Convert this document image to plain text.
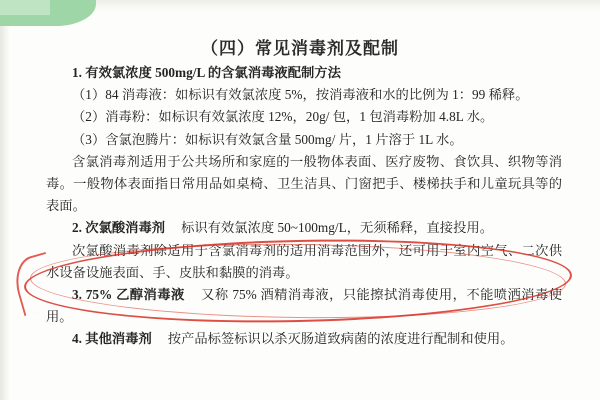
（四）常见消毒剂及配制

1. 有效氯浓度 500mg/L 的含氯消毒液配制方法

（1）84 消毒液：如标识有效氯浓度 5%，按消毒液和水的比例为 1：99 稀释。

（2）消毒粉：如标识有效氯浓度 12%，20g/ 包，1 包消毒粉加 4.8L 水。

（3）含氯泡腾片：如标识有效氯含量 500mg/ 片，1 片溶于 1L 水。

含氯消毒剂适用于公共场所和家庭的一般物体表面、医疗废物、食饮具、织物等消毒。一般物体表面指日常用品如桌椅、卫生洁具、门窗把手、楼梯扶手和儿童玩具等的表面。

2. 次氯酸消毒剂 标识有效氯浓度 50~100mg/L，无须稀释，直接投用。

次氯酸消毒剂除适用于含氯消毒剂的适用消毒范围外，还可用于室内空气、二次供水设备设施表面、手、皮肤和黏膜的消毒。

3. 75% 乙醇消毒液 又称 75% 酒精消毒液，只能擦拭消毒使用，不能喷洒消毒使用。

4. 其他消毒剂 按产品标签标识以杀灭肠道致病菌的浓度进行配制和使用。
